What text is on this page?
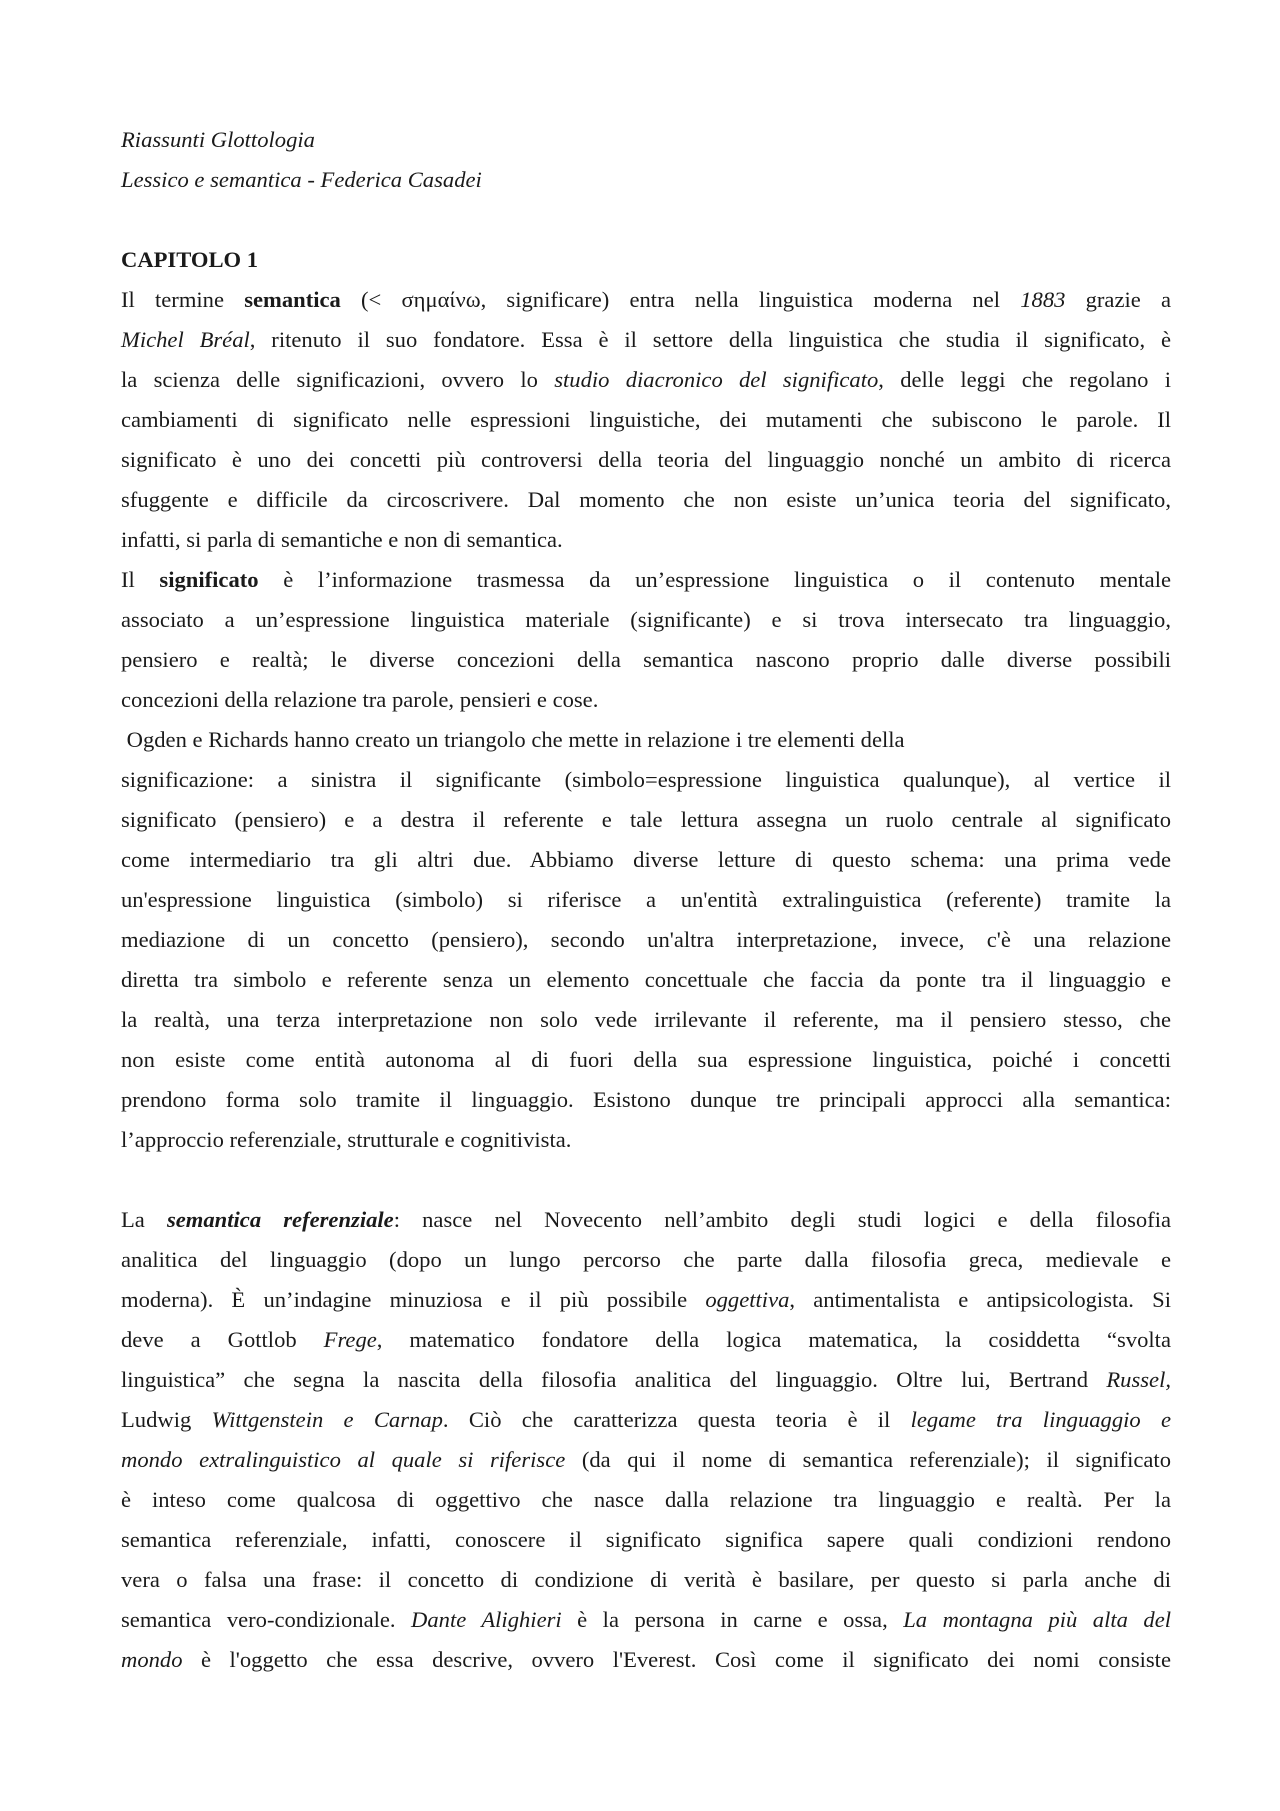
Riassunti Glottologia
Lessico e semantica - Federica Casadei
CAPITOLO 1
Il termine semantica (< σημαίνω, significare) entra nella linguistica moderna nel 1883 grazie a
Michel Bréal, ritenuto il suo fondatore. Essa è il settore della linguistica che studia il significato, è
la scienza delle significazioni, ovvero lo studio diacronico del significato, delle leggi che regolano i
cambiamenti di significato nelle espressioni linguistiche, dei mutamenti che subiscono le parole. Il
significato è uno dei concetti più controversi della teoria del linguaggio nonché un ambito di ricerca
sfuggente e difficile da circoscrivere. Dal momento che non esiste un’unica teoria del significato,
infatti, si parla di semantiche e non di semantica.
Il significato è l’informazione trasmessa da un’espressione linguistica o il contenuto mentale
associato a un’espressione linguistica materiale (significante) e si trova intersecato tra linguaggio,
pensiero e realtà; le diverse concezioni della semantica nascono proprio dalle diverse possibili
concezioni della relazione tra parole, pensieri e cose.
Ogden e Richards hanno creato un triangolo che mette in relazione i tre elementi della
significazione: a sinistra il significante (simbolo=espressione linguistica qualunque), al vertice il
significato (pensiero) e a destra il referente e tale lettura assegna un ruolo centrale al significato
come intermediario tra gli altri due. Abbiamo diverse letture di questo schema: una prima vede
un'espressione linguistica (simbolo) si riferisce a un'entità extralinguistica (referente) tramite la
mediazione di un concetto (pensiero), secondo un'altra interpretazione, invece, c'è una relazione
diretta tra simbolo e referente senza un elemento concettuale che faccia da ponte tra il linguaggio e
la realtà, una terza interpretazione non solo vede irrilevante il referente, ma il pensiero stesso, che
non esiste come entità autonoma al di fuori della sua espressione linguistica, poiché i concetti
prendono forma solo tramite il linguaggio. Esistono dunque tre principali approcci alla semantica:
l’approccio referenziale, strutturale e cognitivista.
La semantica referenziale: nasce nel Novecento nell’ambito degli studi logici e della filosofia
analitica del linguaggio (dopo un lungo percorso che parte dalla filosofia greca, medievale e
moderna). È un’indagine minuziosa e il più possibile oggettiva, antimentalista e antipsicologista. Si
deve a Gottlob Frege, matematico fondatore della logica matematica, la cosiddetta “svolta
linguistica” che segna la nascita della filosofia analitica del linguaggio. Oltre lui, Bertrand Russel,
Ludwig Wittgenstein e Carnap. Ciò che caratterizza questa teoria è il legame tra linguaggio e
mondo extralinguistico al quale si riferisce (da qui il nome di semantica referenziale); il significato
è inteso come qualcosa di oggettivo che nasce dalla relazione tra linguaggio e realtà. Per la
semantica referenziale, infatti, conoscere il significato significa sapere quali condizioni rendono
vera o falsa una frase: il concetto di condizione di verità è basilare, per questo si parla anche di
semantica vero-condizionale. Dante Alighieri è la persona in carne e ossa, La montagna più alta del
mondo è l'oggetto che essa descrive, ovvero l'Everest. Così come il significato dei nomi consiste
